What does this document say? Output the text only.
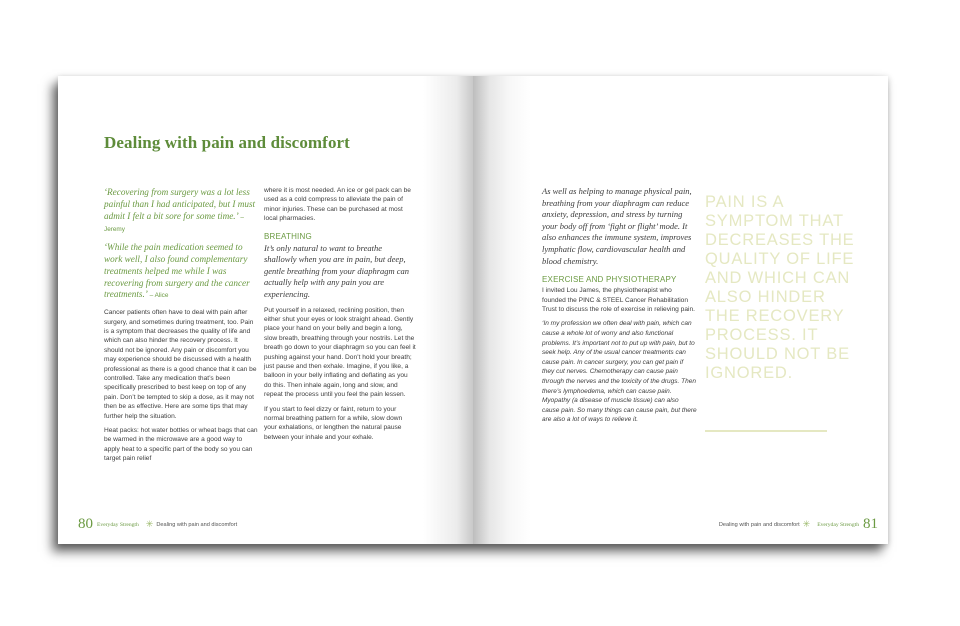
Dealing with pain and discomfort

‘Recovering from surgery was a lot less painful than I had anticipated, but I must admit I felt a bit sore for some time.’ – Jeremy

‘While the pain medication seemed to work well, I also found complementary treatments helped me while I was recovering from surgery and the cancer treatments.’ – Alice

Cancer patients often have to deal with pain after surgery, and sometimes during treatment, too. Pain is a symptom that decreases the quality of life and which can also hinder the recovery process. It should not be ignored. Any pain or discomfort you may experience should be discussed with a health professional as there is a good chance that it can be controlled. Take any medication that’s been specifically prescribed to best keep on top of any pain. Don’t be tempted to skip a dose, as it may not then be as effective. Here are some tips that may further help the situation.

Heat packs: hot water bottles or wheat bags that can be warmed in the microwave are a good way to apply heat to a specific part of the body so you can target pain relief

where it is most needed. An ice or gel pack can be used as a cold compress to alleviate the pain of minor injuries. These can be purchased at most local pharmacies.

BREATHING

It’s only natural to want to breathe shallowly when you are in pain, but deep, gentle breathing from your diaphragm can actually help with any pain you are experiencing.

Put yourself in a relaxed, reclining position, then either shut your eyes or look straight ahead. Gently place your hand on your belly and begin a long, slow breath, breathing through your nostrils. Let the breath go down to your diaphragm so you can feel it pushing against your hand. Don’t hold your breath; just pause and then exhale. Imagine, if you like, a balloon in your belly inflating and deflating as you do this. Then inhale again, long and slow, and repeat the process until you feel the pain lessen.

If you start to feel dizzy or faint, return to your normal breathing pattern for a while, slow down your exhalations, or lengthen the natural pause between your inhale and your exhale.

80 Everyday Strength ✳ Dealing with pain and discomfort

As well as helping to manage physical pain, breathing from your diaphragm can reduce anxiety, depression, and stress by turning your body off from ‘fight or flight’ mode. It also enhances the immune system, improves lymphatic flow, cardiovascular health and blood chemistry.

EXERCISE AND PHYSIOTHERAPY

I invited Lou James, the physiotherapist who founded the PINC & STEEL Cancer Rehabilitation Trust to discuss the role of exercise in relieving pain.

‘In my profession we often deal with pain, which can cause a whole lot of worry and also functional problems. It’s important not to put up with pain, but to seek help. Any of the usual cancer treatments can cause pain. In cancer surgery, you can get pain if they cut nerves. Chemotherapy can cause pain through the nerves and the toxicity of the drugs. Then there’s lymphoedema, which can cause pain. Myopathy (a disease of muscle tissue) can also cause pain. So many things can cause pain, but there are also a lot of ways to relieve it.

PAIN IS A SYMPTOM THAT DECREASES THE QUALITY OF LIFE AND WHICH CAN ALSO HINDER THE RECOVERY PROCESS. IT SHOULD NOT BE IGNORED.
Dealing with pain and discomfort ✳ Everyday Strength 81
